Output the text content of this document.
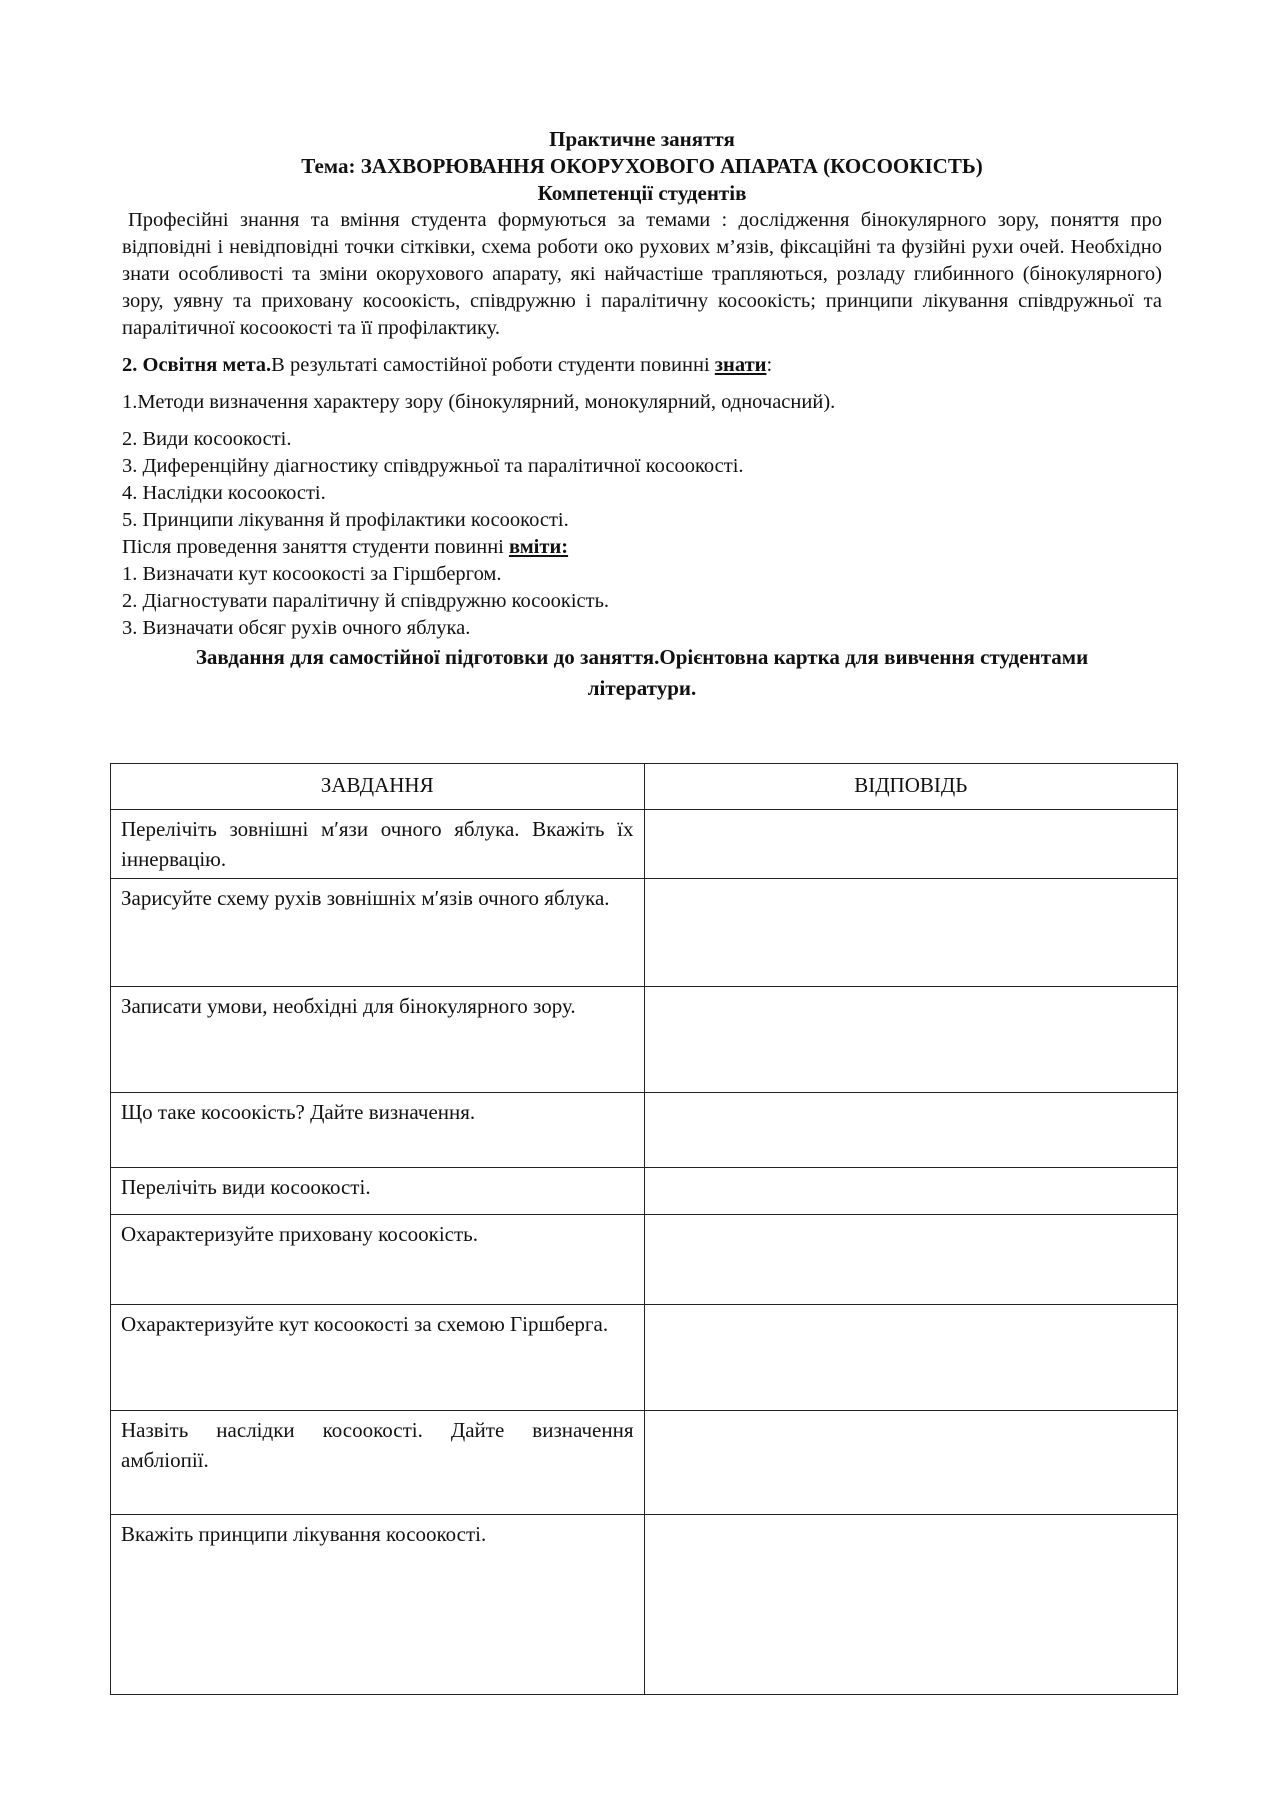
Практичне заняття
Тема: ЗАХВОРЮВАННЯ ОКОРУХОВОГО АПАРАТА (КОСООКІСТЬ)
Компетенції студентів

Професійні знання та вміння студента формуються за темами : дослідження бінокулярного зору, поняття про відповідні і невідповідні точки сітківки, схема роботи око рухових м’язів, фіксаційні та фузійні рухи очей. Необхідно знати особливості та зміни окорухового апарату, які найчастіше трапляються, розладу глибинного (бінокулярного) зору, уявну та приховану косоокість, співдружню і паралітичну косоокість; принципи лікування співдружньої та паралітичної косоокості та її профілактику.

2. Освітня мета.В результаті самостійної роботи студенти повинні знати:

1.Методи визначення характеру зору (бінокулярний, монокулярний, одночасний).

2. Види косоокості.

3. Диференційну діагностику співдружньої та паралітичної косоокості.

4. Наслідки косоокості.

5. Принципи лікування й профілактики косоокості.

Після проведення заняття студенти повинні вміти:

1. Визначати кут косоокості за Гіршбергом.

2. Діагностувати паралітичну й співдружню косоокість.

3. Визначати обсяг рухів очного яблука.

Завдання для самостійної підготовки до заняття.Орієнтовна картка для вивчення студентами

літератури.

ЗАВДАННЯ	ВІДПОВІДЬ
Перелічіть зовнішні м′язи очного яблука. Вкажіть їх іннервацію.	
Зарисуйте схему рухів зовнішніх м′язів очного яблука.	
Записати умови, необхідні для бінокулярного зору.	
Що таке косоокість? Дайте визначення.	
Перелічіть види косоокості.	
Охарактеризуйте приховану косоокість.	
Охарактеризуйте кут косоокості за схемою Гіршберга.	
Назвіть наслідки косоокості. Дайте визначення амбліопії.	
Вкажіть принципи лікування косоокості.	
